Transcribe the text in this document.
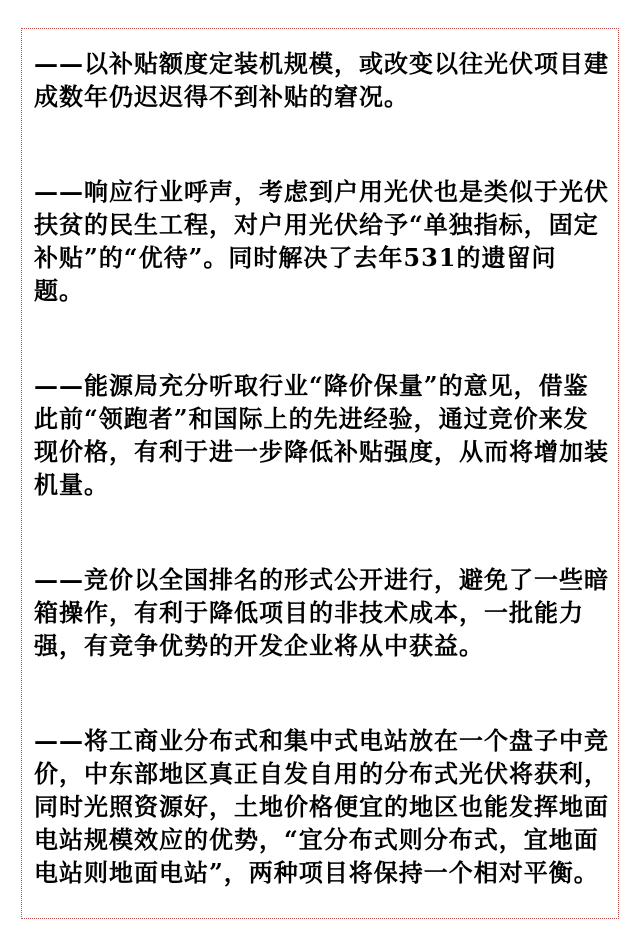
——以补贴额度定装机规模，或改变以往光伏项目建
成数年仍迟迟得不到补贴的窘况。

——响应行业呼声，考虑到户用光伏也是类似于光伏
扶贫的民生工程，对户用光伏给予“单独指标，固定
补贴”的“优待”。同时解决了去年531的遗留问
题。

——能源局充分听取行业“降价保量”的意见，借鉴
此前“领跑者”和国际上的先进经验，通过竞价来发
现价格，有利于进一步降低补贴强度，从而将增加装
机量。

——竞价以全国排名的形式公开进行，避免了一些暗
箱操作，有利于降低项目的非技术成本，一批能力
强，有竞争优势的开发企业将从中获益。

——将工商业分布式和集中式电站放在一个盘子中竞
价，中东部地区真正自发自用的分布式光伏将获利，
同时光照资源好，土地价格便宜的地区也能发挥地面
电站规模效应的优势，“宜分布式则分布式，宜地面
电站则地面电站”，两种项目将保持一个相对平衡。
